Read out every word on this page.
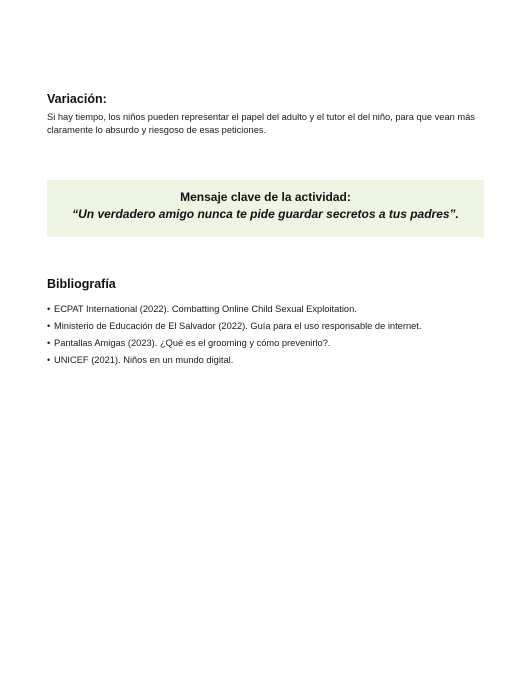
Variación:

Si hay tiempo, los niños pueden representar el papel del adulto y el tutor el del niño, para que vean más claramente lo absurdo y riesgoso de esas peticiones.

Mensaje clave de la actividad:
“Un verdadero amigo nunca te pide guardar secretos a tus padres”.
Bibliografía
• ECPAT International (2022). Combatting Online Child Sexual Exploitation.
• Ministerio de Educación de El Salvador (2022). Guía para el uso responsable de internet.
• Pantallas Amigas (2023). ¿Qué es el grooming y cómo prevenirlo?.
• UNICEF (2021). Niños en un mundo digital.
